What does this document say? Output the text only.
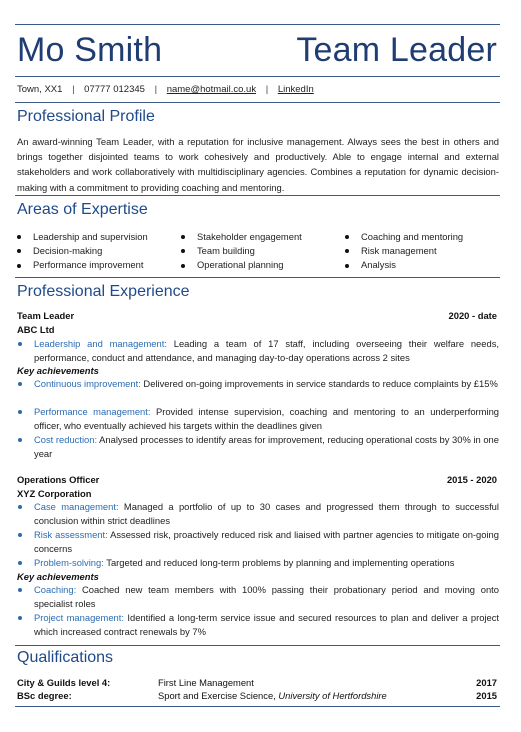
Mo Smith	Team Leader
Town, XX1 | 07777 012345 | name@hotmail.co.uk | LinkedIn
Professional Profile
An award-winning Team Leader, with a reputation for inclusive management. Always sees the best in others and brings together disjointed teams to work cohesively and productively. Able to engage internal and external stakeholders and work collaboratively with multidisciplinary agencies. Combines a reputation for dynamic decision-making with a commitment to providing coaching and mentoring.
Areas of Expertise
Leadership and supervision
Decision-making
Performance improvement
Stakeholder engagement
Team building
Operational planning
Coaching and mentoring
Risk management
Analysis
Professional Experience
Team Leader	2020 - date
ABC Ltd
Leadership and management: Leading a team of 17 staff, including overseeing their welfare needs, performance, conduct and attendance, and managing day-to-day operations across 2 sites
Key achievements
Continuous improvement: Delivered on-going improvements in service standards to reduce complaints by £15%
Performance management: Provided intense supervision, coaching and mentoring to an underperforming officer, who eventually achieved his targets within the deadlines given
Cost reduction: Analysed processes to identify areas for improvement, reducing operational costs by 30% in one year
Operations Officer	2015 - 2020
XYZ Corporation
Case management: Managed a portfolio of up to 30 cases and progressed them through to successful conclusion within strict deadlines
Risk assessment: Assessed risk, proactively reduced risk and liaised with partner agencies to mitigate on-going concerns
Problem-solving: Targeted and reduced long-term problems by planning and implementing operations
Key achievements
Coaching: Coached new team members with 100% passing their probationary period and moving onto specialist roles
Project management: Identified a long-term service issue and secured resources to plan and deliver a project which increased contract renewals by 7%
Qualifications
City & Guilds level 4:	First Line Management	2017
BSc degree:	Sport and Exercise Science, University of Hertfordshire	2015
